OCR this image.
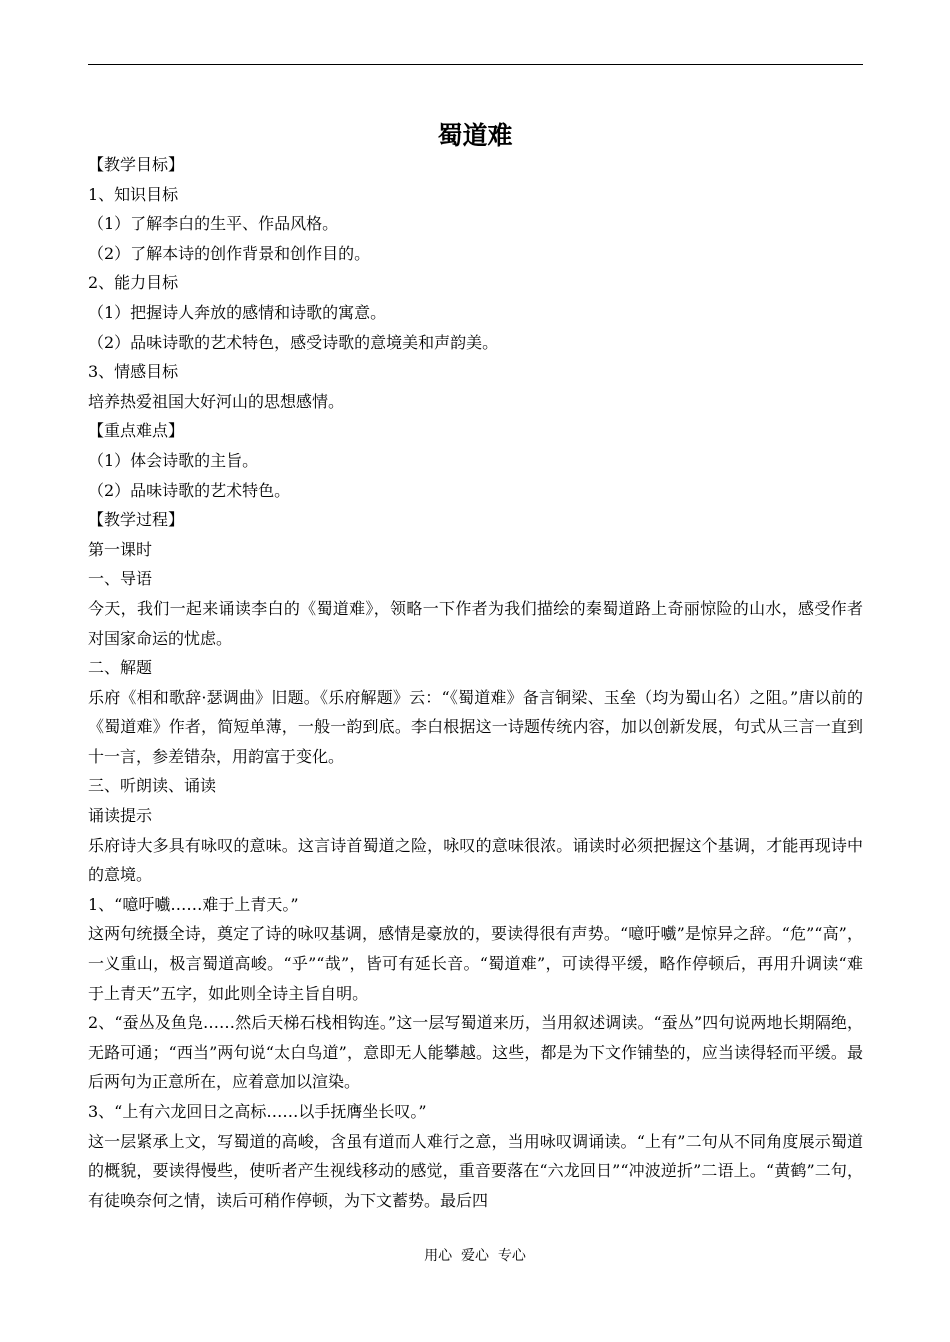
蜀道难
【教学目标】
1、知识目标
（1）了解李白的生平、作品风格。
（2）了解本诗的创作背景和创作目的。
2、能力目标
（1）把握诗人奔放的感情和诗歌的寓意。
（2）品味诗歌的艺术特色，感受诗歌的意境美和声韵美。
3、情感目标
培养热爱祖国大好河山的思想感情。
【重点难点】
（1）体会诗歌的主旨。
（2）品味诗歌的艺术特色。
【教学过程】
第一课时
一、导语
今天，我们一起来诵读李白的《蜀道难》，领略一下作者为我们描绘的秦蜀道路上奇丽惊险的山水，感受作者对国家命运的忧虑。
二、解题
乐府《相和歌辞·瑟调曲》旧题。《乐府解题》云：“《蜀道难》备言铜梁、玉垒（均为蜀山名）之阻。”唐以前的《蜀道难》作者，简短单薄，一般一韵到底。李白根据这一诗题传统内容，加以创新发展，句式从三言一直到十一言，参差错杂，用韵富于变化。
三、听朗读、诵读
诵读提示
乐府诗大多具有咏叹的意味。这言诗首蜀道之险，咏叹的意味很浓。诵读时必须把握这个基调，才能再现诗中的意境。
1、“噫吁嚱……难于上青天。”
这两句统摄全诗，奠定了诗的咏叹基调，感情是豪放的，要读得很有声势。“噫吁嚱”是惊异之辞。“危”“高”，一义重山，极言蜀道高峻。“乎”“哉”，皆可有延长音。“蜀道难”，可读得平缓，略作停顿后，再用升调读“难于上青天”五字，如此则全诗主旨自明。
2、“蚕丛及鱼凫……然后天梯石栈相钩连。”这一层写蜀道来历，当用叙述调读。“蚕丛”四句说两地长期隔绝，无路可通；“西当”两句说“太白鸟道”，意即无人能攀越。这些，都是为下文作铺垫的，应当读得轻而平缓。最后两句为正意所在，应着意加以渲染。
3、“上有六龙回日之高标……以手抚膺坐长叹。”
这一层紧承上文，写蜀道的高峻，含虽有道而人难行之意，当用咏叹调诵读。“上有”二句从不同角度展示蜀道的概貌，要读得慢些，使听者产生视线移动的感觉，重音要落在“六龙回日”“冲波逆折”二语上。“黄鹤”二句，有徒唤奈何之情，读后可稍作停顿，为下文蓄势。最后四
用心  爱心  专心
